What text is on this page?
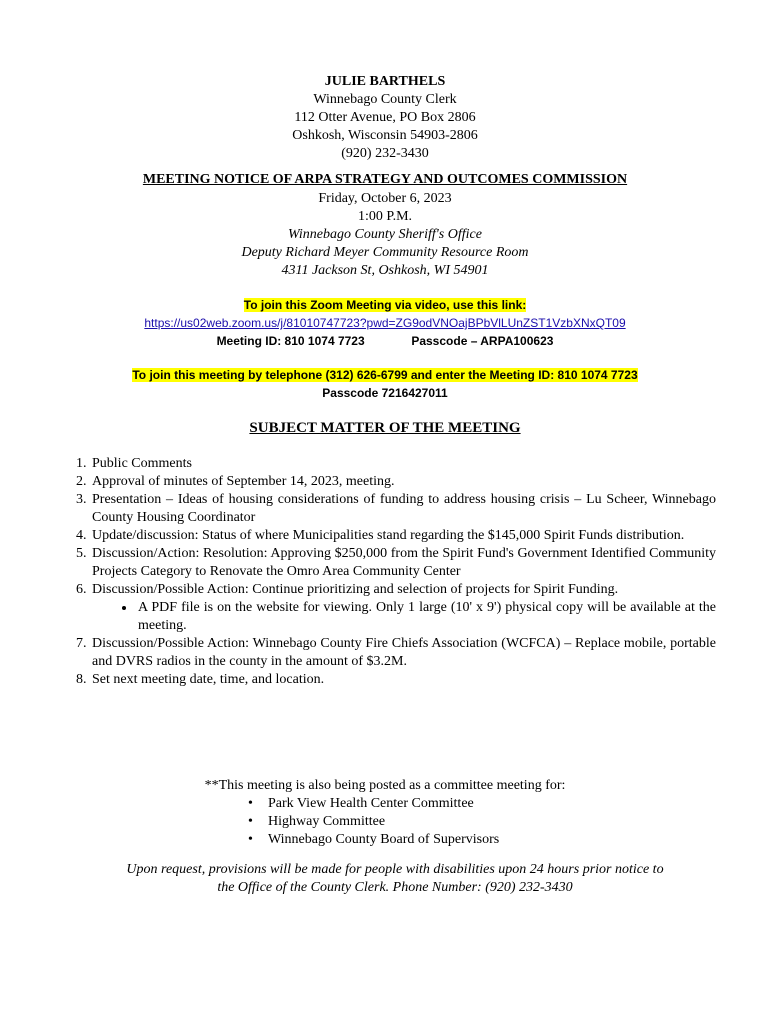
JULIE BARTHELS
Winnebago County Clerk
112 Otter Avenue, PO Box 2806
Oshkosh, Wisconsin 54903-2806
(920) 232-3430
MEETING NOTICE OF ARPA STRATEGY AND OUTCOMES COMMISSION
Friday, October 6, 2023
1:00 P.M.
Winnebago County Sheriff's Office
Deputy Richard Meyer Community Resource Room
4311 Jackson St, Oshkosh, WI 54901
To join this Zoom Meeting via video, use this link:
https://us02web.zoom.us/j/81010747723?pwd=ZG9odVNOajBPbVlLUnZST1VzbXNxQT09
Meeting ID: 810 1074 7723	Passcode – ARPA100623
To join this meeting by telephone (312) 626-6799 and enter the Meeting ID: 810 1074 7723
Passcode 7216427011
SUBJECT MATTER OF THE MEETING
1. Public Comments
2. Approval of minutes of September 14, 2023, meeting.
3. Presentation – Ideas of housing considerations of funding to address housing crisis – Lu Scheer, Winnebago County Housing Coordinator
4. Update/discussion: Status of where Municipalities stand regarding the $145,000 Spirit Funds distribution.
5. Discussion/Action: Resolution: Approving $250,000 from the Spirit Fund's Government Identified Community Projects Category to Renovate the Omro Area Community Center
6. Discussion/Possible Action: Continue prioritizing and selection of projects for Spirit Funding.
• A PDF file is on the website for viewing. Only 1 large (10' x 9') physical copy will be available at the meeting.
7. Discussion/Possible Action: Winnebago County Fire Chiefs Association (WCFCA) – Replace mobile, portable and DVRS radios in the county in the amount of $3.2M.
8. Set next meeting date, time, and location.
**This meeting is also being posted as a committee meeting for:
• Park View Health Center Committee
• Highway Committee
• Winnebago County Board of Supervisors
Upon request, provisions will be made for people with disabilities upon 24 hours prior notice to the Office of the County Clerk. Phone Number: (920) 232-3430
